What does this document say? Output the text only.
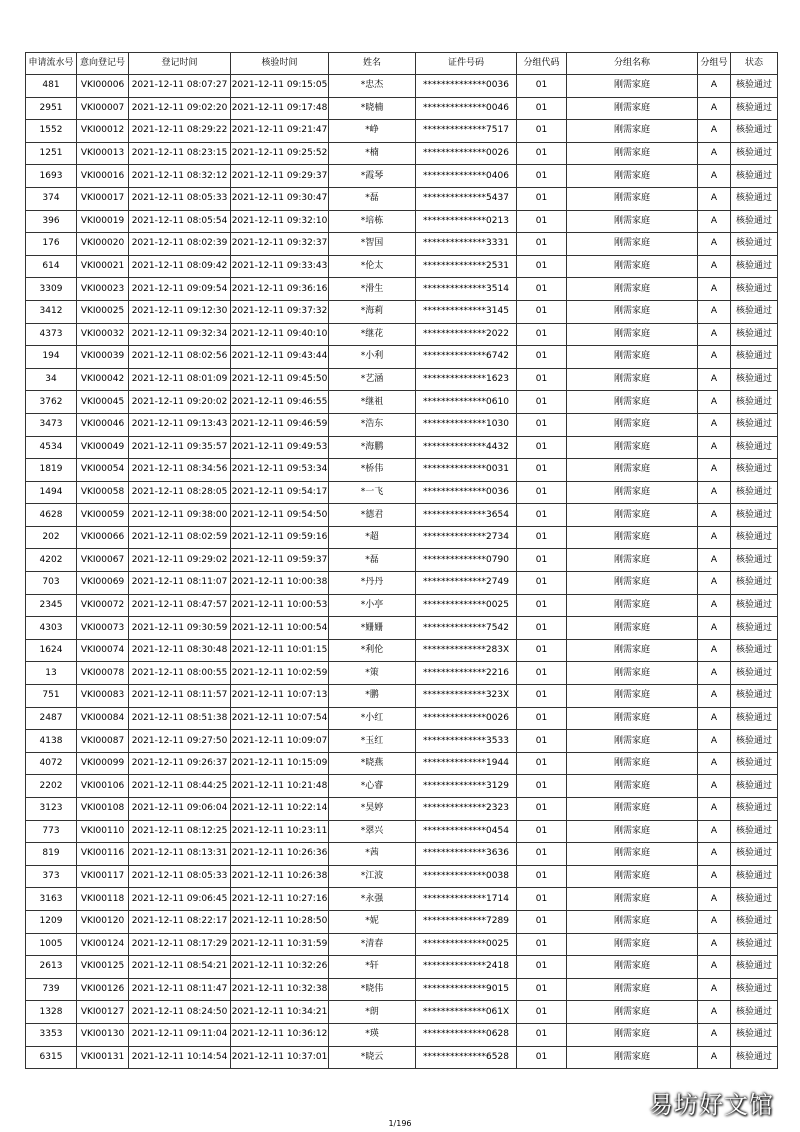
申请流水号	意向登记号	登记时间	核验时间	姓名	证件号码	分组代码	分组名称	分组号	状态
481	VKI00006	2021-12-11 08:07:27	2021-12-11 09:15:05	*忠杰	**************0036	01	刚需家庭	A	核验通过
2951	VKI00007	2021-12-11 09:02:20	2021-12-11 09:17:48	*晓楠	**************0046	01	刚需家庭	A	核验通过
1552	VKI00012	2021-12-11 08:29:22	2021-12-11 09:21:47	*峥	**************7517	01	刚需家庭	A	核验通过
1251	VKI00013	2021-12-11 08:23:15	2021-12-11 09:25:52	*楠	**************0026	01	刚需家庭	A	核验通过
1693	VKI00016	2021-12-11 08:32:12	2021-12-11 09:29:37	*霞琴	**************0406	01	刚需家庭	A	核验通过
374	VKI00017	2021-12-11 08:05:33	2021-12-11 09:30:47	*磊	**************5437	01	刚需家庭	A	核验通过
396	VKI00019	2021-12-11 08:05:54	2021-12-11 09:32:10	*培栋	**************0213	01	刚需家庭	A	核验通过
176	VKI00020	2021-12-11 08:02:39	2021-12-11 09:32:37	*智国	**************3331	01	刚需家庭	A	核验通过
614	VKI00021	2021-12-11 08:09:42	2021-12-11 09:33:43	*伦太	**************2531	01	刚需家庭	A	核验通过
3309	VKI00023	2021-12-11 09:09:54	2021-12-11 09:36:16	*滑生	**************3514	01	刚需家庭	A	核验通过
3412	VKI00025	2021-12-11 09:12:30	2021-12-11 09:37:32	*海莉	**************3145	01	刚需家庭	A	核验通过
4373	VKI00032	2021-12-11 09:32:34	2021-12-11 09:40:10	*继花	**************2022	01	刚需家庭	A	核验通过
194	VKI00039	2021-12-11 08:02:56	2021-12-11 09:43:44	*小利	**************6742	01	刚需家庭	A	核验通过
34	VKI00042	2021-12-11 08:01:09	2021-12-11 09:45:50	*艺涵	**************1623	01	刚需家庭	A	核验通过
3762	VKI00045	2021-12-11 09:20:02	2021-12-11 09:46:55	*继祖	**************0610	01	刚需家庭	A	核验通过
3473	VKI00046	2021-12-11 09:13:43	2021-12-11 09:46:59	*浩东	**************1030	01	刚需家庭	A	核验通过
4534	VKI00049	2021-12-11 09:35:57	2021-12-11 09:49:53	*海鹏	**************4432	01	刚需家庭	A	核验通过
1819	VKI00054	2021-12-11 08:34:56	2021-12-11 09:53:34	*桥伟	**************0031	01	刚需家庭	A	核验通过
1494	VKI00058	2021-12-11 08:28:05	2021-12-11 09:54:17	*一飞	**************0036	01	刚需家庭	A	核验通过
4628	VKI00059	2021-12-11 09:38:00	2021-12-11 09:54:50	*德君	**************3654	01	刚需家庭	A	核验通过
202	VKI00066	2021-12-11 08:02:59	2021-12-11 09:59:16	*超	**************2734	01	刚需家庭	A	核验通过
4202	VKI00067	2021-12-11 09:29:02	2021-12-11 09:59:37	*磊	**************0790	01	刚需家庭	A	核验通过
703	VKI00069	2021-12-11 08:11:07	2021-12-11 10:00:38	*丹丹	**************2749	01	刚需家庭	A	核验通过
2345	VKI00072	2021-12-11 08:47:57	2021-12-11 10:00:53	*小亭	**************0025	01	刚需家庭	A	核验通过
4303	VKI00073	2021-12-11 09:30:59	2021-12-11 10:00:54	*姗姗	**************7542	01	刚需家庭	A	核验通过
1624	VKI00074	2021-12-11 08:30:48	2021-12-11 10:01:15	*利伦	**************283X	01	刚需家庭	A	核验通过
13	VKI00078	2021-12-11 08:00:55	2021-12-11 10:02:59	*策	**************2216	01	刚需家庭	A	核验通过
751	VKI00083	2021-12-11 08:11:57	2021-12-11 10:07:13	*鹏	**************323X	01	刚需家庭	A	核验通过
2487	VKI00084	2021-12-11 08:51:38	2021-12-11 10:07:54	*小红	**************0026	01	刚需家庭	A	核验通过
4138	VKI00087	2021-12-11 09:27:50	2021-12-11 10:09:07	*玉红	**************3533	01	刚需家庭	A	核验通过
4072	VKI00099	2021-12-11 09:26:37	2021-12-11 10:15:09	*晓燕	**************1944	01	刚需家庭	A	核验通过
2202	VKI00106	2021-12-11 08:44:25	2021-12-11 10:21:48	*心睿	**************3129	01	刚需家庭	A	核验通过
3123	VKI00108	2021-12-11 09:06:04	2021-12-11 10:22:14	*昊婷	**************2323	01	刚需家庭	A	核验通过
773	VKI00110	2021-12-11 08:12:25	2021-12-11 10:23:11	*翠兴	**************0454	01	刚需家庭	A	核验通过
819	VKI00116	2021-12-11 08:13:31	2021-12-11 10:26:36	*茜	**************3636	01	刚需家庭	A	核验通过
373	VKI00117	2021-12-11 08:05:33	2021-12-11 10:26:38	*江波	**************0038	01	刚需家庭	A	核验通过
3163	VKI00118	2021-12-11 09:06:45	2021-12-11 10:27:16	*永强	**************1714	01	刚需家庭	A	核验通过
1209	VKI00120	2021-12-11 08:22:17	2021-12-11 10:28:50	*妮	**************7289	01	刚需家庭	A	核验通过
1005	VKI00124	2021-12-11 08:17:29	2021-12-11 10:31:59	*清春	**************0025	01	刚需家庭	A	核验通过
2613	VKI00125	2021-12-11 08:54:21	2021-12-11 10:32:26	*轩	**************2418	01	刚需家庭	A	核验通过
739	VKI00126	2021-12-11 08:11:47	2021-12-11 10:32:38	*晓伟	**************9015	01	刚需家庭	A	核验通过
1328	VKI00127	2021-12-11 08:24:50	2021-12-11 10:34:21	*朗	**************061X	01	刚需家庭	A	核验通过
3353	VKI00130	2021-12-11 09:11:04	2021-12-11 10:36:12	*瑛	**************0628	01	刚需家庭	A	核验通过
6315	VKI00131	2021-12-11 10:14:54	2021-12-11 10:37:01	*晓云	**************6528	01	刚需家庭	A	核验通过
1/196
易坊好文馆
